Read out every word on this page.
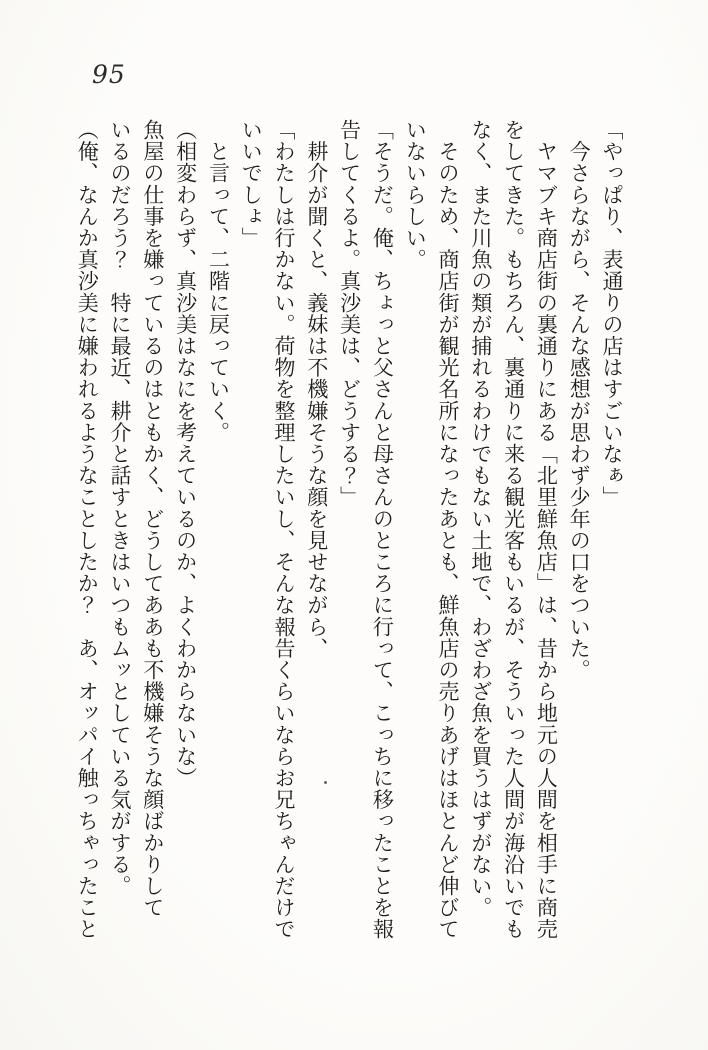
95
「やっぱり、表通りの店はすごいなぁ」
　今さらながら、そんな感想が思わず少年の口をついた。
　ヤマブキ商店街の裏通りにある「北里鮮魚店」は、昔から地元の人間を相手に商売
をしてきた。もちろん、裏通りに来る観光客もいるが、そういった人間が海沿いでも
なく、また川魚の類が捕れるわけでもない土地で、わざわざ魚を買うはずがない。
　そのため、商店街が観光名所になったあとも、鮮魚店の売りあげはほとんど伸びて
いないらしい。
「そうだ。俺、ちょっと父さんと母さんのところに行って、こっちに移ったことを報
告してくるよ。真沙美は、どうする？」
　耕介が聞くと、義妹は不機嫌そうな顔を見せながら、
「わたしは行かない。荷物を整理したいし、そんな報告くらいならお兄ちゃんだけで
いいでしょ」
　と言って、二階に戻っていく。
（相変わらず、真沙美はなにを考えているのか、よくわからないな）
魚屋の仕事を嫌っているのはともかく、どうしてああも不機嫌そうな顔ばかりして
いるのだろう？　特に最近、耕介と話すときはいつもムッとしている気がする。
（俺、なんか真沙美に嫌われるようなことしたか？　あ、オッパイ触っちゃったこと
